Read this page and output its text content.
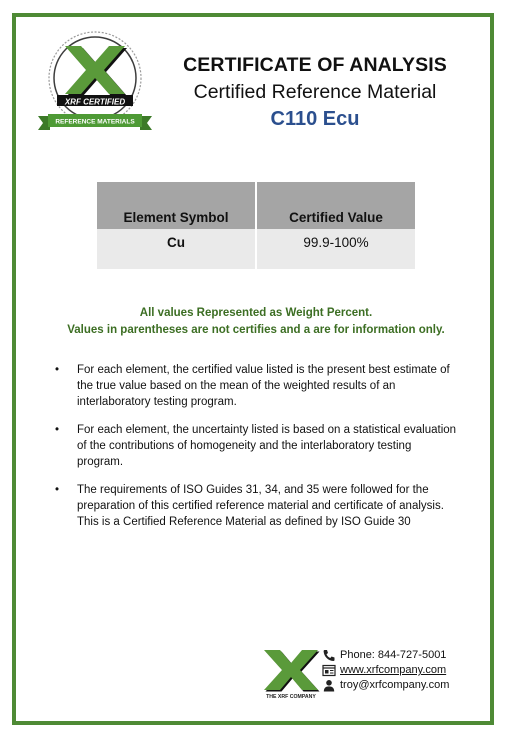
XRF CERTIFIED
REFERENCE MATERIALS
CERTIFICATE OF ANALYSIS
Certified Reference Material
C110 Ecu
Element Symbol	Certified Value
Cu	99.9-100%
All values Represented as Weight Percent.
Values in parentheses are not certifies and a are for information only.
• For each element, the certified value listed is the present best estimate of the true value based on the mean of the weighted results of an interlaboratory testing program.
• For each element, the uncertainty listed is based on a statistical evaluation of the contributions of homogeneity and the interlaboratory testing program.
• The requirements of ISO Guides 31, 34, and 35 were followed for the preparation of this certified reference material and certificate of analysis. This is a Certified Reference Material as defined by ISO Guide 30
THE XRF COMPANY
Phone: 844-727-5001
www.xrfcompany.com
troy@xrfcompany.com
